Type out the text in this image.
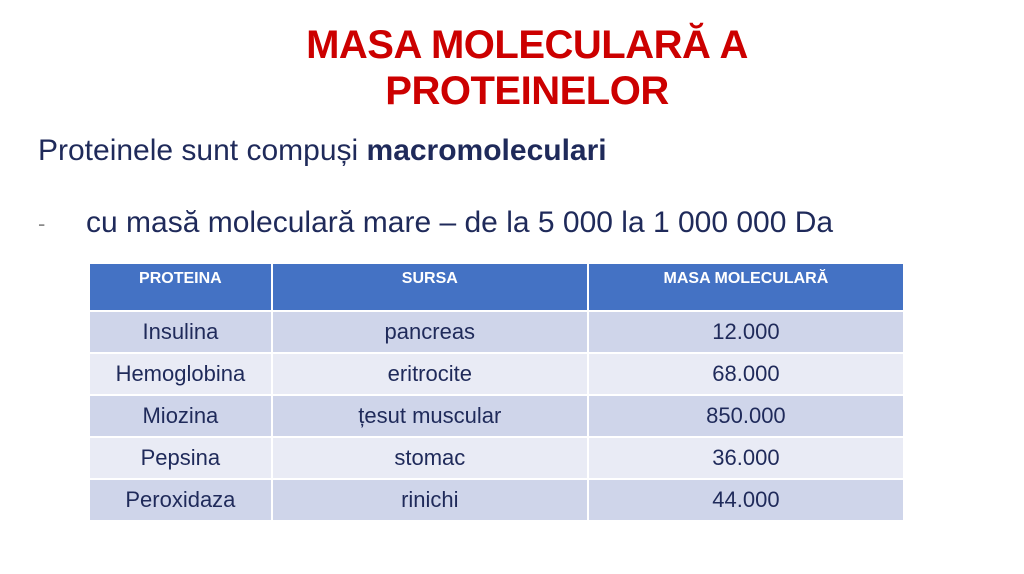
MASA MOLECULARĂ A
PROTEINELOR
Proteinele sunt compuși macromoleculari
- cu masă moleculară mare – de la 5 000 la 1 000 000 Da
PROTEINA	SURSA	MASA MOLECULARĂ
Insulina	pancreas	12.000
Hemoglobina	eritrocite	68.000
Miozina	țesut muscular	850.000
Pepsina	stomac	36.000
Peroxidaza	rinichi	44.000
